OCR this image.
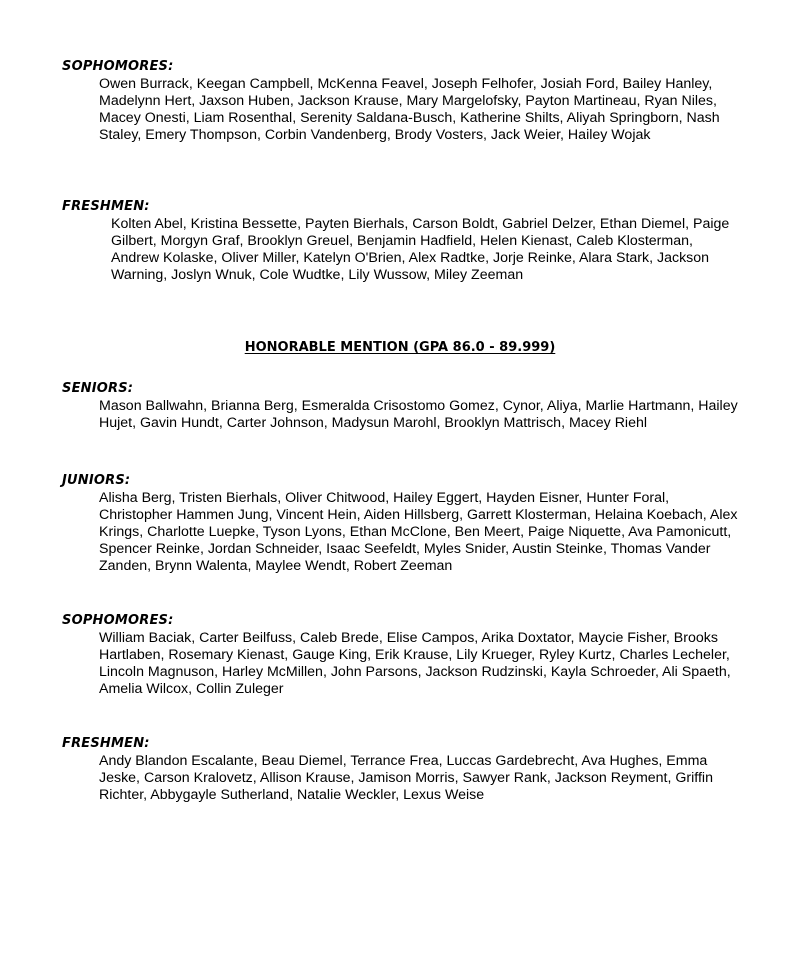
SOPHOMORES:

Owen Burrack, Keegan Campbell, McKenna Feavel, Joseph Felhofer, Josiah Ford, Bailey Hanley, Madelynn Hert, Jaxson Huben, Jackson Krause, Mary Margelofsky, Payton Martineau, Ryan Niles, Macey Onesti, Liam Rosenthal, Serenity Saldana-Busch, Katherine Shilts, Aliyah Springborn, Nash Staley, Emery Thompson, Corbin Vandenberg, Brody Vosters, Jack Weier, Hailey Wojak

FRESHMEN:

Kolten Abel, Kristina Bessette, Payten Bierhals, Carson Boldt, Gabriel Delzer, Ethan Diemel, Paige Gilbert, Morgyn Graf, Brooklyn Greuel, Benjamin Hadfield, Helen Kienast, Caleb Klosterman, Andrew Kolaske, Oliver Miller, Katelyn O'Brien, Alex Radtke, Jorje Reinke, Alara Stark, Jackson Warning, Joslyn Wnuk, Cole Wudtke, Lily Wussow, Miley Zeeman

HONORABLE MENTION (GPA 86.0 - 89.999)

SENIORS:

Mason Ballwahn, Brianna Berg, Esmeralda Crisostomo Gomez, Cynor, Aliya, Marlie Hartmann, Hailey Hujet, Gavin Hundt, Carter Johnson, Madysun Marohl, Brooklyn Mattrisch, Macey Riehl

JUNIORS:

Alisha Berg, Tristen Bierhals, Oliver Chitwood, Hailey Eggert, Hayden Eisner, Hunter Foral, Christopher Hammen Jung, Vincent Hein, Aiden Hillsberg, Garrett Klosterman, Helaina Koebach, Alex Krings, Charlotte Luepke, Tyson Lyons, Ethan McClone, Ben Meert, Paige Niquette, Ava Pamonicutt, Spencer Reinke, Jordan Schneider, Isaac Seefeldt, Myles Snider, Austin Steinke, Thomas Vander Zanden, Brynn Walenta, Maylee Wendt, Robert Zeeman

SOPHOMORES:

William Baciak, Carter Beilfuss, Caleb Brede, Elise Campos, Arika Doxtator, Maycie Fisher, Brooks Hartlaben, Rosemary Kienast, Gauge King, Erik Krause, Lily Krueger, Ryley Kurtz, Charles Lecheler, Lincoln Magnuson, Harley McMillen, John Parsons, Jackson Rudzinski, Kayla Schroeder, Ali Spaeth, Amelia Wilcox, Collin Zuleger

FRESHMEN:

Andy Blandon Escalante, Beau Diemel, Terrance Frea, Luccas Gardebrecht, Ava Hughes, Emma Jeske, Carson Kralovetz, Allison Krause, Jamison Morris, Sawyer Rank, Jackson Reyment, Griffin Richter, Abbygayle Sutherland, Natalie Weckler, Lexus Weise
